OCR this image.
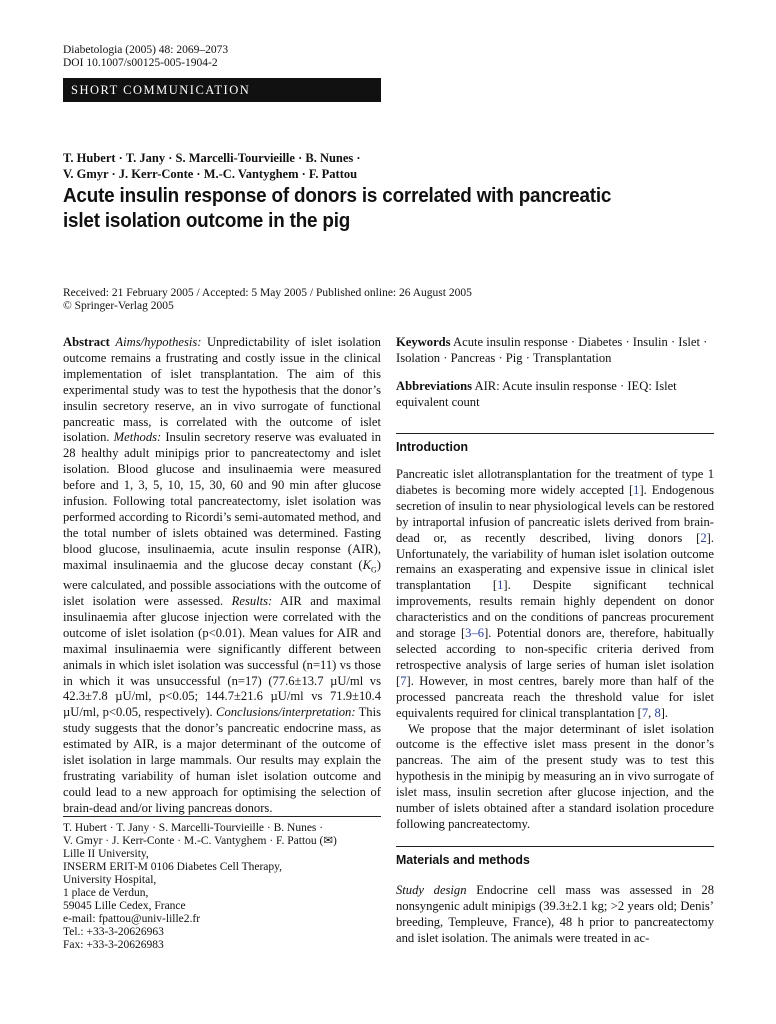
Diabetologia (2005) 48: 2069–2073
DOI 10.1007/s00125-005-1904-2
SHORT COMMUNICATION
T. Hubert · T. Jany · S. Marcelli-Tourvieille · B. Nunes ·
V. Gmyr · J. Kerr-Conte · M.-C. Vantyghem · F. Pattou
Acute insulin response of donors is correlated with pancreatic
islet isolation outcome in the pig
Received: 21 February 2005 / Accepted: 5 May 2005 / Published online: 26 August 2005
© Springer-Verlag 2005

Abstract Aims/hypothesis: Unpredictability of islet isolation outcome remains a frustrating and costly issue in the clinical implementation of islet transplantation. The aim of this experimental study was to test the hypothesis that the donor’s insulin secretory reserve, an in vivo surrogate of functional pancreatic mass, is correlated with the outcome of islet isolation. Methods: Insulin secretory reserve was evaluated in 28 healthy adult minipigs prior to pancreatectomy and islet isolation. Blood glucose and insulinaemia were measured before and 1, 3, 5, 10, 15, 30, 60 and 90 min after glucose infusion. Following total pancreatectomy, islet isolation was performed according to Ricordi’s semi-automated method, and the total number of islets obtained was determined. Fasting blood glucose, insulinaemia, acute insulin response (AIR), maximal insulinaemia and the glucose decay constant $(K_G)$ were calculated, and possible associations with the outcome of islet isolation were assessed. Results: AIR and maximal insulinaemia after glucose injection were correlated with the outcome of islet isolation (p<0.01). Mean values for AIR and maximal insulinaemia were significantly different between animals in which islet isolation was successful (n=11) vs those in which it was unsuccessful (n=17) (77.6±13.7 µU/ml vs 42.3±7.8 µU/ml, p<0.05; 144.7±21.6 µU/ml vs 71.9±10.4 µU/ml, p<0.05, respectively). Conclusions/interpretation: This study suggests that the donor’s pancreatic endocrine mass, as estimated by AIR, is a major determinant of the outcome of islet isolation in large mammals. Our results may explain the frustrating variability of human islet isolation outcome and could lead to a new approach for optimising the selection of brain-dead and/or living pancreas donors.

T. Hubert · T. Jany · S. Marcelli-Tourvieille · B. Nunes ·
V. Gmyr · J. Kerr-Conte · M.-C. Vantyghem · F. Pattou (✉)
Lille II University,
INSERM ERIT-M 0106 Diabetes Cell Therapy,
University Hospital,
1 place de Verdun,
59045 Lille Cedex, France
e-mail: fpattou@univ-lille2.fr
Tel.: +33-3-20626963
Fax: +33-3-20626983

Keywords Acute insulin response · Diabetes · Insulin · Islet · Isolation · Pancreas · Pig · Transplantation

Abbreviations AIR: Acute insulin response · IEQ: Islet equivalent count

Introduction

Pancreatic islet allotransplantation for the treatment of type 1 diabetes is becoming more widely accepted [1]. Endogenous secretion of insulin to near physiological levels can be restored by intraportal infusion of pancreatic islets derived from brain-dead or, as recently described, living donors [2]. Unfortunately, the variability of human islet isolation outcome remains an exasperating and expensive issue in clinical islet transplantation [1]. Despite significant technical improvements, results remain highly dependent on donor characteristics and on the conditions of pancreas procurement and storage [3–6]. Potential donors are, therefore, habitually selected according to non-specific criteria derived from retrospective analysis of large series of human islet isolation [7]. However, in most centres, barely more than half of the processed pancreata reach the threshold value for islet equivalents required for clinical transplantation [7, 8].

We propose that the major determinant of islet isolation outcome is the effective islet mass present in the donor’s pancreas. The aim of the present study was to test this hypothesis in the minipig by measuring an in vivo surrogate of islet mass, insulin secretion after glucose injection, and the number of islets obtained after a standard isolation procedure following pancreatectomy.

Materials and methods

Study design Endocrine cell mass was assessed in 28 nonsyngenic adult minipigs (39.3±2.1 kg; >2 years old; Denis’ breeding, Templeuve, France), 48 h prior to pancreatectomy and islet isolation. The animals were treated in ac-
